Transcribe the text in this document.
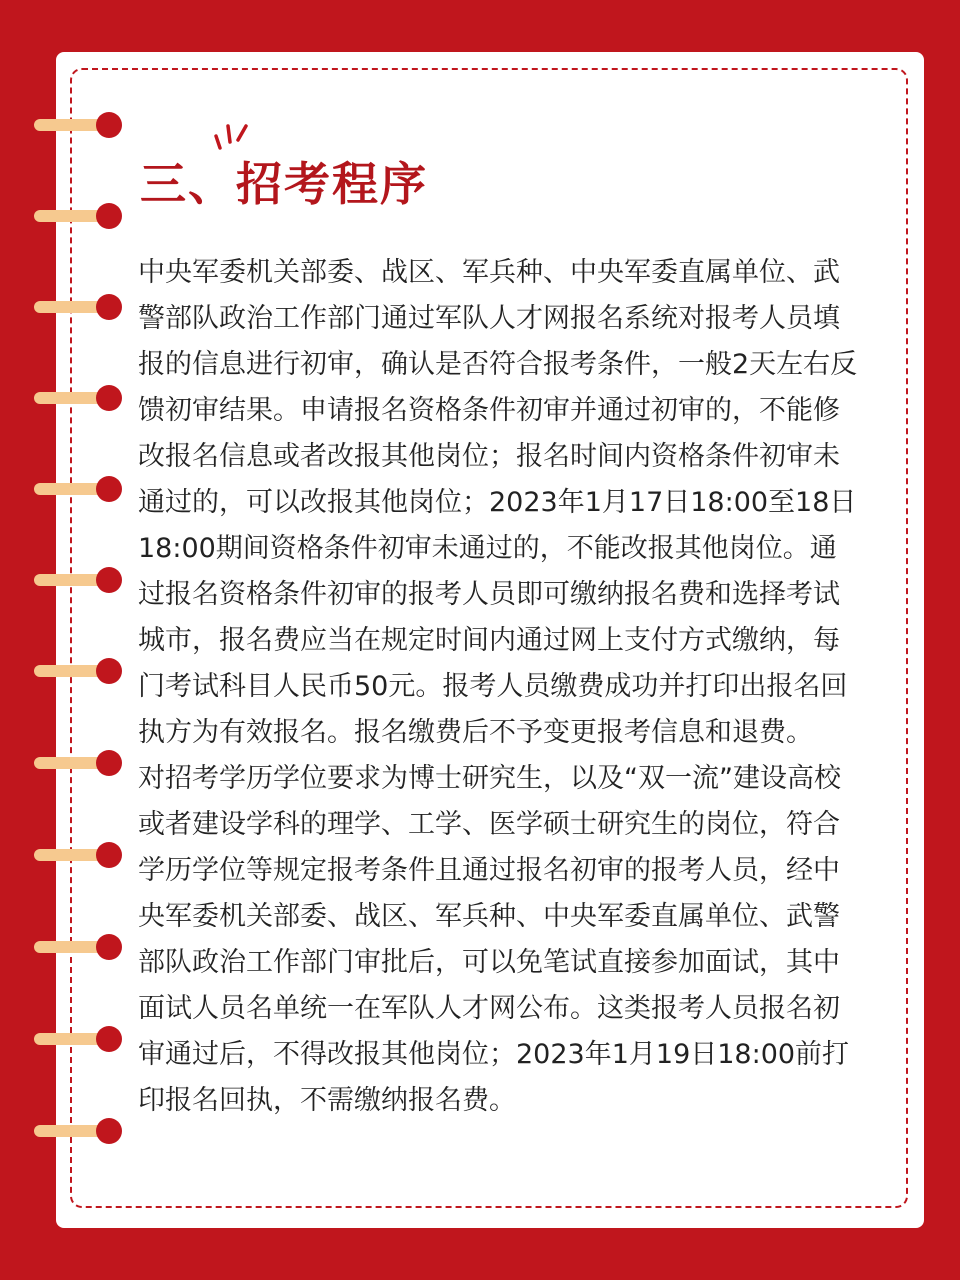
三、招考程序

中央军委机关部委、战区、军兵种、中央军委直属单位、武警部队政治工作部门通过军队人才网报名系统对报考人员填报的信息进行初审，确认是否符合报考条件，一般2天左右反馈初审结果。申请报名资格条件初审并通过初审的，不能修改报名信息或者改报其他岗位；报名时间内资格条件初审未通过的，可以改报其他岗位；2023年1月17日18:00至18日18:00期间资格条件初审未通过的，不能改报其他岗位。通过报名资格条件初审的报考人员即可缴纳报名费和选择考试城市，报名费应当在规定时间内通过网上支付方式缴纳，每门考试科目人民币50元。报考人员缴费成功并打印出报名回执方为有效报名。报名缴费后不予变更报考信息和退费。

对招考学历学位要求为博士研究生，以及“双一流”建设高校或者建设学科的理学、工学、医学硕士研究生的岗位，符合学历学位等规定报考条件且通过报名初审的报考人员，经中央军委机关部委、战区、军兵种、中央军委直属单位、武警部队政治工作部门审批后，可以免笔试直接参加面试，其中面试人员名单统一在军队人才网公布。这类报考人员报名初审通过后，不得改报其他岗位；2023年1月19日18:00前打印报名回执，不需缴纳报名费。
